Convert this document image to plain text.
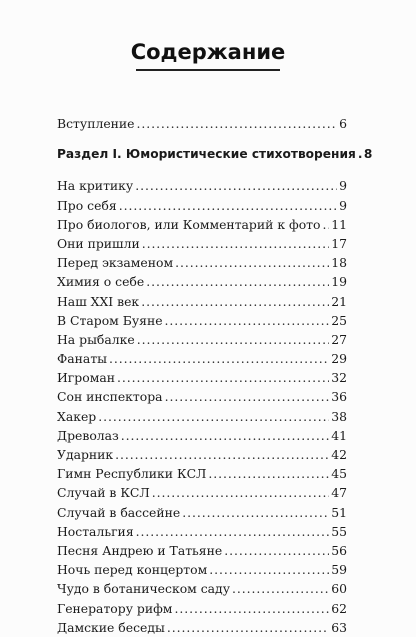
Содержание
Вступление . . .	6
Раздел I. Юмористические стихотворения . . . 8
На критику . . .	9
Про себя . . .	9
Про биологов, или Комментарий к фото . . . 11
Они пришли . . .	17
Перед экзаменом . . .	18
Химия о себе . . .	19
Наш XXI век . . .	21
В Старом Буяне . . .	25
На рыбалке . . .	27
Фанаты . . .	29
Игроман . . .	32
Сон инспектора . . .	36
Хакер . . .	38
Древолаз . . .	41
Ударник . . .	42
Гимн Республики КСЛ . . .	45
Случай в КСЛ . . .	47
Случай в бассейне . . .	51
Ностальгия . . .	55
Песня Андрею и Татьяне . . .	56
Ночь перед концертом . . .	59
Чудо в ботаническом саду . . .	60
Генератору рифм . . .	62
Дамские беседы . . .	63
